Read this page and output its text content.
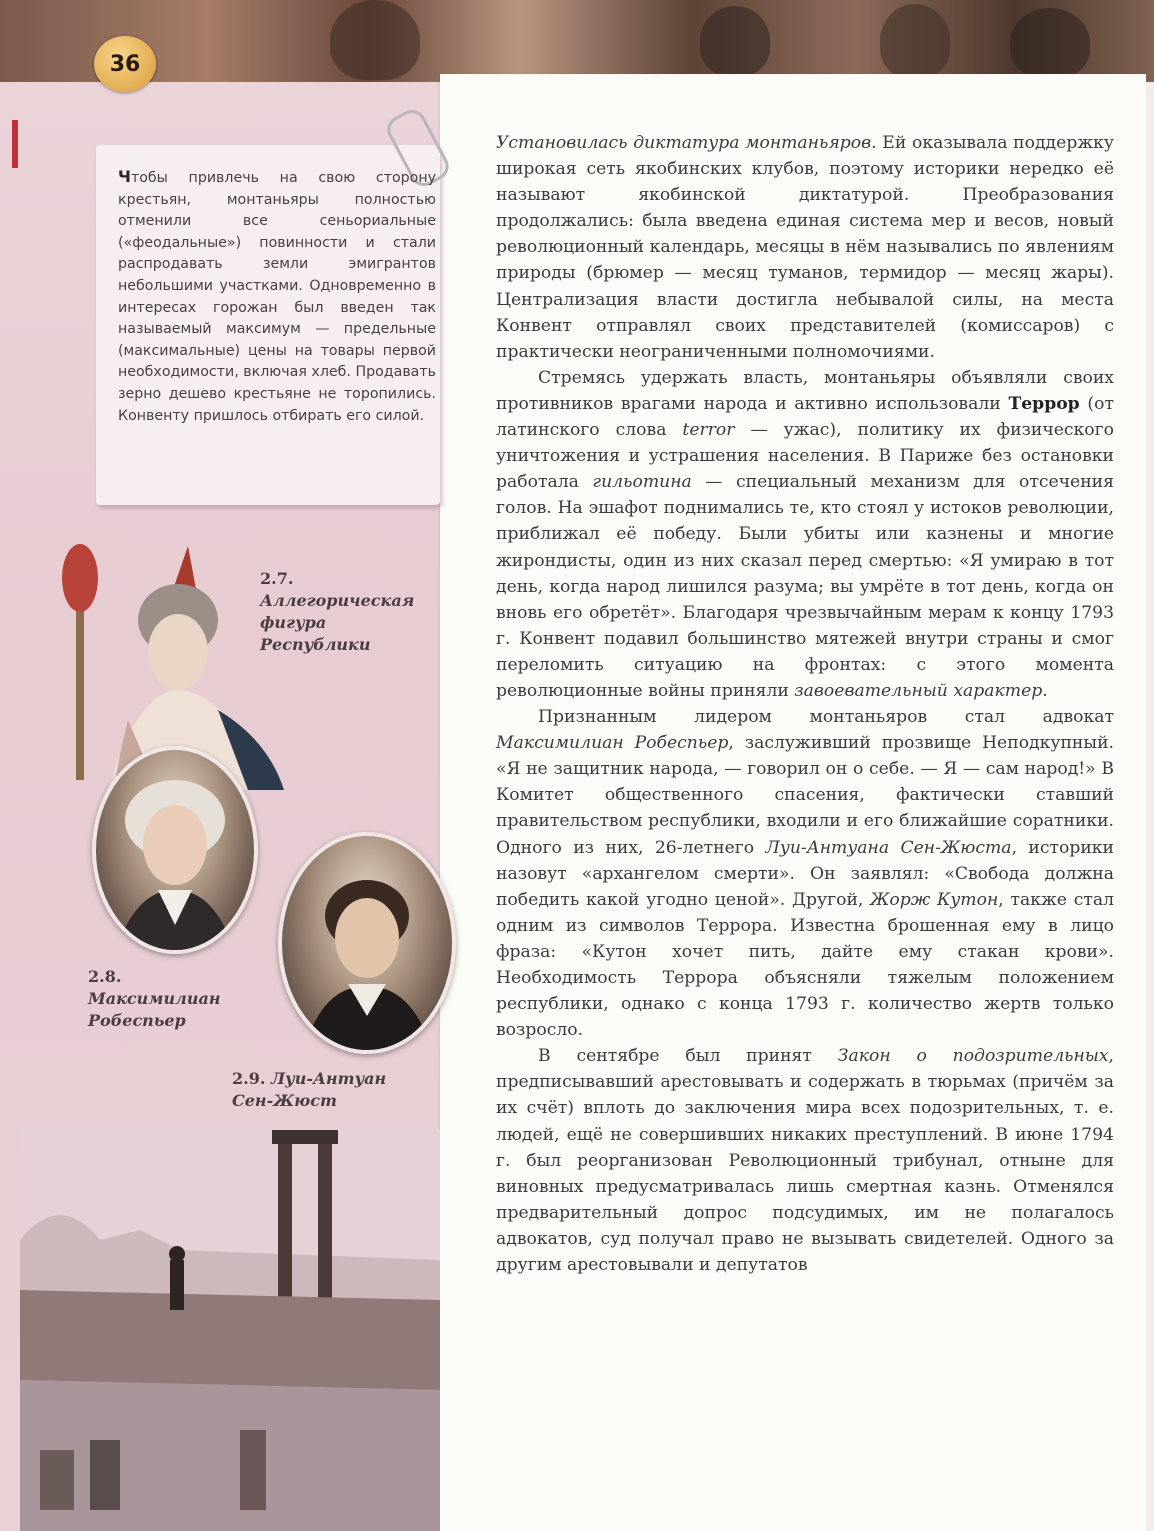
36
Чтобы привлечь на свою сторону крестьян, монтаньяры полностью отменили все сеньориальные («феодальные») повинности и стали распродавать земли эмигрантов небольшими участками. Одновременно в интересах горожан был введен так называемый максимум — предельные (максимальные) цены на товары первой необходимости, включая хлеб. Продавать зерно дешево крестьяне не торопились. Конвенту пришлось отбирать его силой.
2.7.
Аллегорическая фигура Республики
2.8.
Максимилиан Робеспьер
2.9. Луи-Антуан Сен-Жюст

Установилась диктатура монтаньяров. Ей оказывала поддержку широкая сеть якобинских клубов, поэтому историки нередко её называют якобинской диктатурой. Преобразования продолжались: была введена единая система мер и весов, новый революционный календарь, месяцы в нём назывались по явлениям природы (брюмер — месяц туманов, термидор — месяц жары). Централизация власти достигла небывалой силы, на места Конвент отправлял своих представителей (комиссаров) с практически неограниченными полномочиями.

Стремясь удержать власть, монтаньяры объявляли своих противников врагами народа и активно использовали Террор (от латинского слова terror — ужас), политику их физического уничтожения и устрашения населения. В Париже без остановки работала гильотина — специальный механизм для отсечения голов. На эшафот поднимались те, кто стоял у истоков революции, приближал её победу. Были убиты или казнены и многие жирондисты, один из них сказал перед смертью: «Я умираю в тот день, когда народ лишился разума; вы умрёте в тот день, когда он вновь его обретёт». Благодаря чрезвычайным мерам к концу 1793 г. Конвент подавил большинство мятежей внутри страны и смог переломить ситуацию на фронтах: с этого момента революционные войны приняли завоевательный характер.

Признанным лидером монтаньяров стал адвокат Максимилиан Робеспьер, заслуживший прозвище Неподкупный. «Я не защитник народа, — говорил он о себе. — Я — сам народ!» В Комитет общественного спасения, фактически ставший правительством республики, входили и его ближайшие соратники. Одного из них, 26-летнего Луи-Антуана Сен-Жюста, историки назовут «архангелом смерти». Он заявлял: «Свобода должна победить какой угодно ценой». Другой, Жорж Кутон, также стал одним из символов Террора. Известна брошенная ему в лицо фраза: «Кутон хочет пить, дайте ему стакан крови». Необходимость Террора объясняли тяжелым положением республики, однако с конца 1793 г. количество жертв только возросло.

В сентябре был принят Закон о подозрительных, предписывавший арестовывать и содержать в тюрьмах (причём за их счёт) вплоть до заключения мира всех подозрительных, т. е. людей, ещё не совершивших никаких преступлений. В июне 1794 г. был реорганизован Революционный трибунал, отныне для виновных предусматривалась лишь смертная казнь. Отменялся предварительный допрос подсудимых, им не полагалось адвокатов, суд получал право не вызывать свидетелей. Одного за другим арестовывали и депутатов
